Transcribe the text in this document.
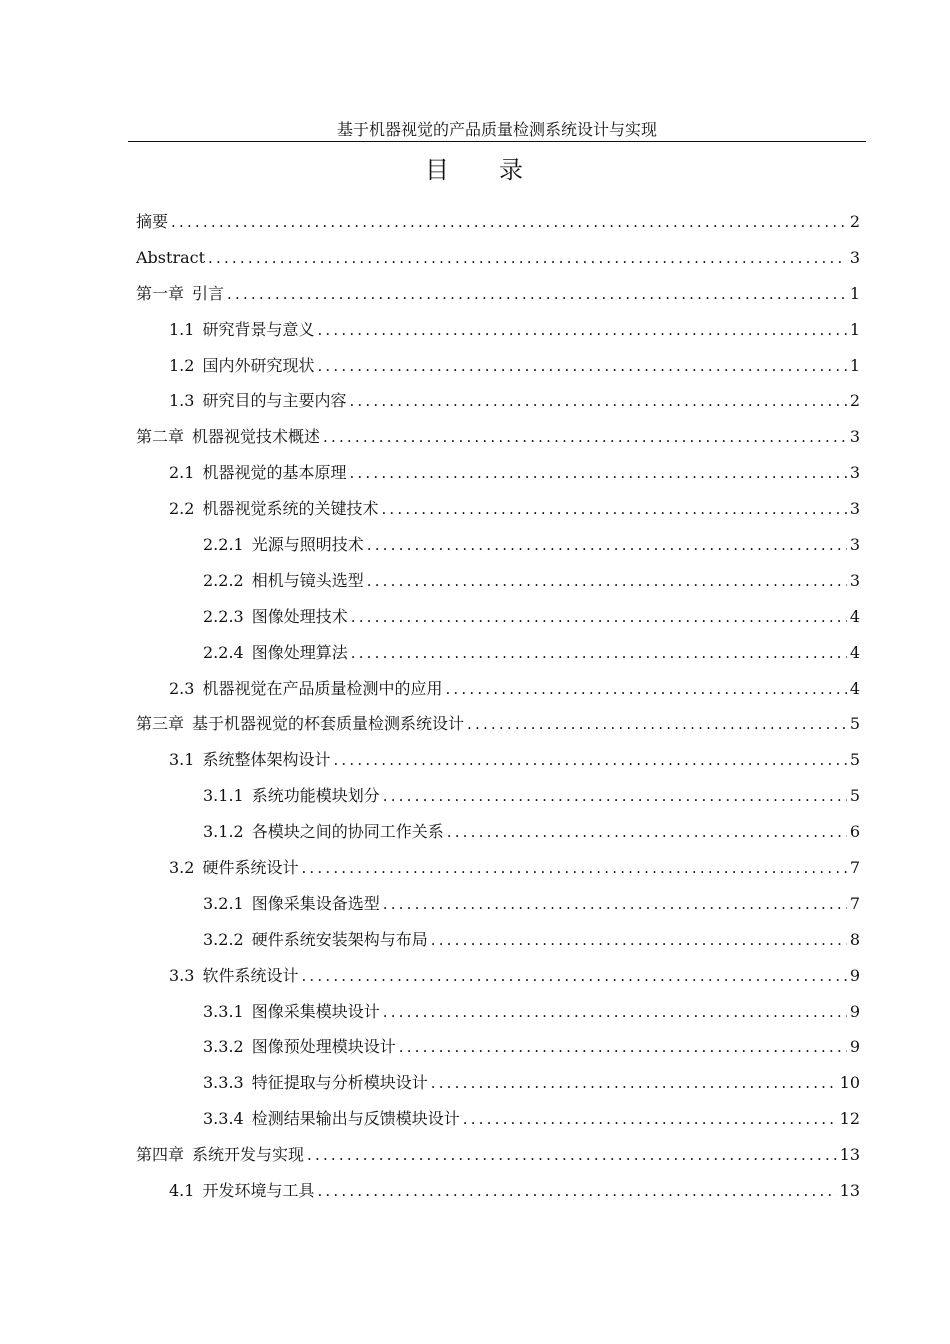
基于机器视觉的产品质量检测系统设计与实现
目 录
摘要 .....	2
Abstract .....	3
第一章 引言 .....	1
1.1 研究背景与意义 .....	1
1.2 国内外研究现状 .....	1
1.3 研究目的与主要内容 .....	2
第二章 机器视觉技术概述 .....	3
2.1 机器视觉的基本原理 .....	3
2.2 机器视觉系统的关键技术 .....	3
2.2.1 光源与照明技术 .....	3
2.2.2 相机与镜头选型 .....	3
2.2.3 图像处理技术 .....	4
2.2.4 图像处理算法 .....	4
2.3 机器视觉在产品质量检测中的应用 .....	4
第三章 基于机器视觉的杯套质量检测系统设计 .....	5
3.1 系统整体架构设计 .....	5
3.1.1 系统功能模块划分 .....	5
3.1.2 各模块之间的协同工作关系 .....	6
3.2 硬件系统设计 .....	7
3.2.1 图像采集设备选型 .....	7
3.2.2 硬件系统安装架构与布局 .....	8
3.3 软件系统设计 .....	9
3.3.1 图像采集模块设计 .....	9
3.3.2 图像预处理模块设计 .....	9
3.3.3 特征提取与分析模块设计 .....	10
3.3.4 检测结果输出与反馈模块设计 .....	12
第四章 系统开发与实现 .....	13
4.1 开发环境与工具 .....	13
